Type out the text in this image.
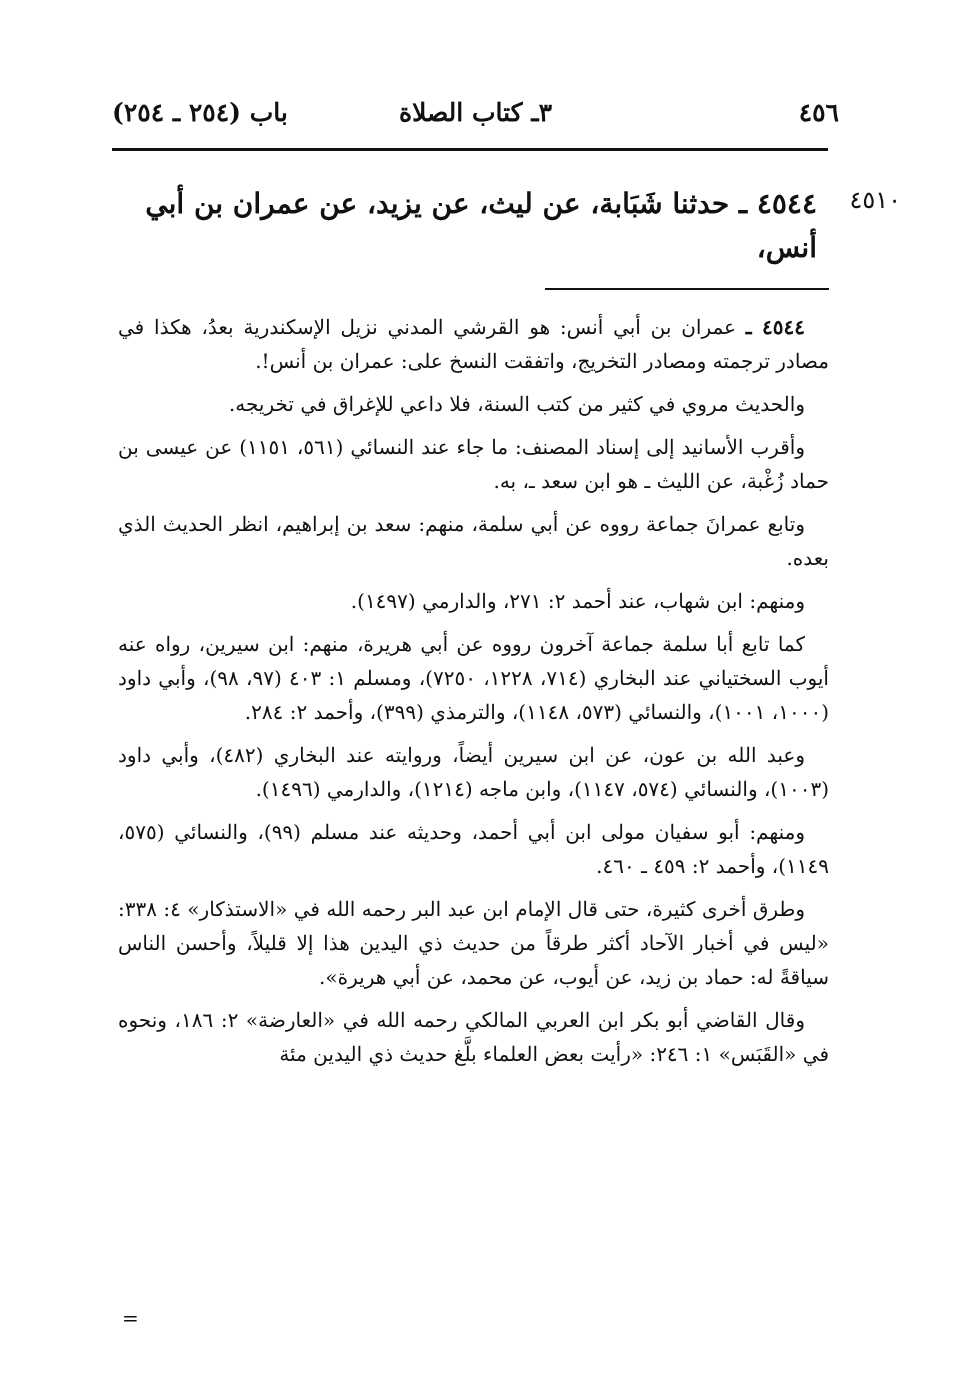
٤٥٦
٣ـ كتاب الصلاة
باب (٢٥٤ ـ ٢٥٤)
٤٥١٠
٤٥٤٤ ـ حدثنا شَبَابة، عن ليث، عن يزيد، عن عمران بن أبي أنس،

٤٥٤٤ ـ عمران بن أبي أنس: هو القرشي المدني نزيل الإسكندرية بعدُ، هكذا في مصادر ترجمته ومصادر التخريج، واتفقت النسخ على: عمران بن أنس!.

والحديث مروي في كثير من كتب السنة، فلا داعي للإغراق في تخريجه.

وأقرب الأسانيد إلى إسناد المصنف: ما جاء عند النسائي (٥٦١، ١١٥١) عن عيسى بن حماد زُغْبة، عن الليث ـ هو ابن سعد ـ، به.

وتابع عمرانَ جماعة رووه عن أبي سلمة، منهم: سعد بن إبراهيم، انظر الحديث الذي بعده.

ومنهم: ابن شهاب، عند أحمد ٢: ٢٧١، والدارمي (١٤٩٧).

كما تابع أبا سلمة جماعة آخرون رووه عن أبي هريرة، منهم: ابن سيرين، رواه عنه أيوب السختياني عند البخاري (٧١٤، ١٢٢٨، ٧٢٥٠)، ومسلم ١: ٤٠٣ (٩٧، ٩٨)، وأبي داود (١٠٠٠، ١٠٠١)، والنسائي (٥٧٣، ١١٤٨)، والترمذي (٣٩٩)، وأحمد ٢: ٢٨٤.

وعبد الله بن عون، عن ابن سيرين أيضاً، وروايته عند البخاري (٤٨٢)، وأبي داود (١٠٠٣)، والنسائي (٥٧٤، ١١٤٧)، وابن ماجه (١٢١٤)، والدارمي (١٤٩٦).

ومنهم: أبو سفيان مولى ابن أبي أحمد، وحديثه عند مسلم (٩٩)، والنسائي (٥٧٥، ١١٤٩)، وأحمد ٢: ٤٥٩ ـ ٤٦٠.

وطرق أخرى كثيرة، حتى قال الإمام ابن عبد البر رحمه الله في «الاستذكار» ٤: ٣٣٨: «ليس في أخبار الآحاد أكثر طرقاً من حديث ذي اليدين هذا إلا قليلاً، وأحسن الناس سياقةً له: حماد بن زيد، عن أيوب، عن محمد، عن أبي هريرة».

وقال القاضي أبو بكر ابن العربي المالكي رحمه الله في «العارضة» ٢: ١٨٦، ونحوه في «القَبَس» ١: ٢٤٦: «رأيت بعض العلماء بلَّغ حديث ذي اليدين مئة

=
